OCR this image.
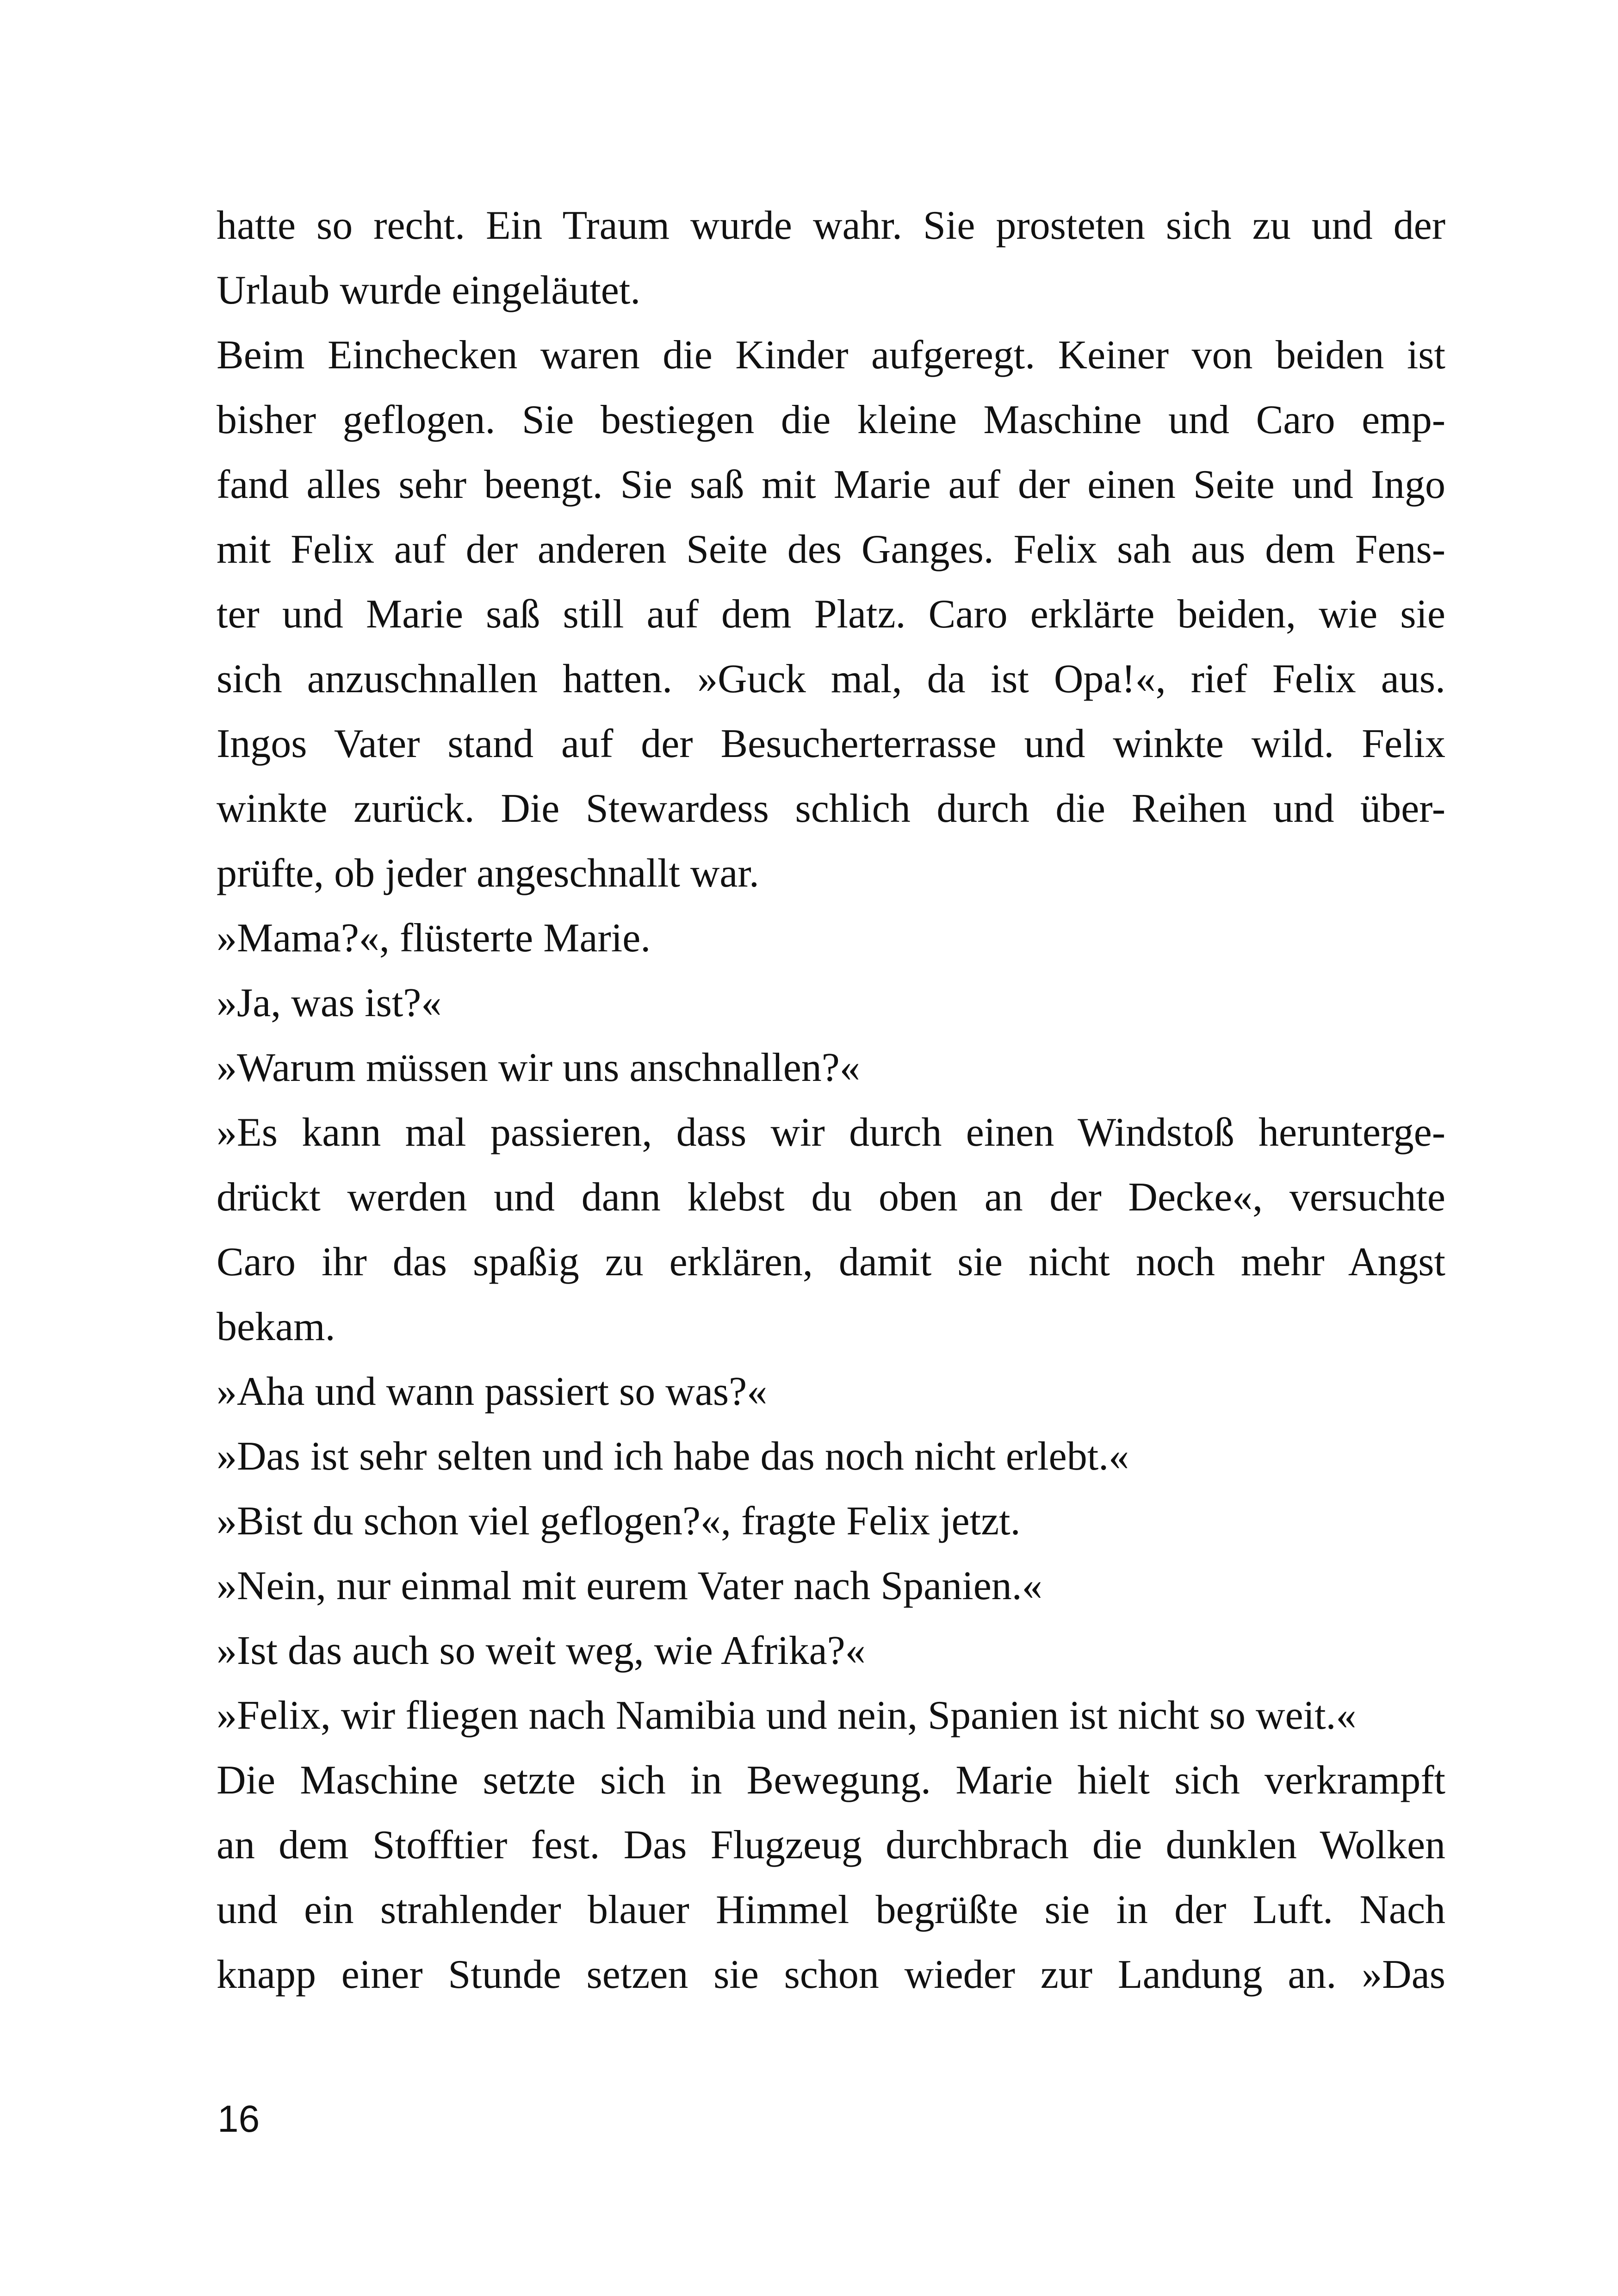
hatte so recht. Ein Traum wurde wahr. Sie prosteten sich zu und der
Urlaub wurde eingeläutet.
Beim Einchecken waren die Kinder aufgeregt. Keiner von beiden ist
bisher geflogen. Sie bestiegen die kleine Maschine und Caro emp-
fand alles sehr beengt. Sie saß mit Marie auf der einen Seite und Ingo
mit Felix auf der anderen Seite des Ganges. Felix sah aus dem Fens-
ter und Marie saß still auf dem Platz. Caro erklärte beiden, wie sie
sich anzuschnallen hatten. »Guck mal, da ist Opa!«, rief Felix aus.
Ingos Vater stand auf der Besucherterrasse und winkte wild. Felix
winkte zurück. Die Stewardess schlich durch die Reihen und über-
prüfte, ob jeder angeschnallt war.
»Mama?«, flüsterte Marie.
»Ja, was ist?«
»Warum müssen wir uns anschnallen?«
»Es kann mal passieren, dass wir durch einen Windstoß herunterge-
drückt werden und dann klebst du oben an der Decke«, versuchte
Caro ihr das spaßig zu erklären, damit sie nicht noch mehr Angst
bekam.
»Aha und wann passiert so was?«
»Das ist sehr selten und ich habe das noch nicht erlebt.«
»Bist du schon viel geflogen?«, fragte Felix jetzt.
»Nein, nur einmal mit eurem Vater nach Spanien.«
»Ist das auch so weit weg, wie Afrika?«
»Felix, wir fliegen nach Namibia und nein, Spanien ist nicht so weit.«
Die Maschine setzte sich in Bewegung. Marie hielt sich verkrampft
an dem Stofftier fest. Das Flugzeug durchbrach die dunklen Wolken
und ein strahlender blauer Himmel begrüßte sie in der Luft. Nach
knapp einer Stunde setzen sie schon wieder zur Landung an. »Das
16
